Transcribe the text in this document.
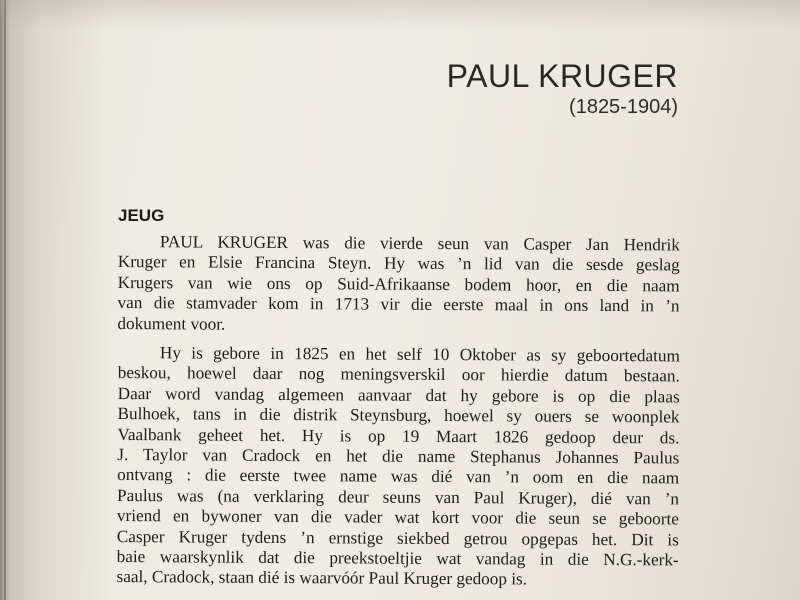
PAUL KRUGER
(1825-1904)
JEUG

PAUL KRUGER was die vierde seun van Casper Jan Hendrik
Kruger en Elsie Francina Steyn. Hy was ’n lid van die sesde geslag
Krugers van wie ons op Suid-Afrikaanse bodem hoor, en die naam
van die stamvader kom in 1713 vir die eerste maal in ons land in ’n
dokument voor.

Hy is gebore in 1825 en het self 10 Oktober as sy geboortedatum
beskou, hoewel daar nog meningsverskil oor hierdie datum bestaan.
Daar word vandag algemeen aanvaar dat hy gebore is op die plaas
Bulhoek, tans in die distrik Steynsburg, hoewel sy ouers se woonplek
Vaalbank geheet het. Hy is op 19 Maart 1826 gedoop deur ds.
J. Taylor van Cradock en het die name Stephanus Johannes Paulus
ontvang : die eerste twee name was dié van ’n oom en die naam
Paulus was (na verklaring deur seuns van Paul Kruger), dié van ’n
vriend en bywoner van die vader wat kort voor die seun se geboorte
Casper Kruger tydens ’n ernstige siekbed getrou opgepas het. Dit is
baie waarskynlik dat die preekstoeltjie wat vandag in die N.G.-kerk-
saal, Cradock, staan dié is waarvóór Paul Kruger gedoop is.
